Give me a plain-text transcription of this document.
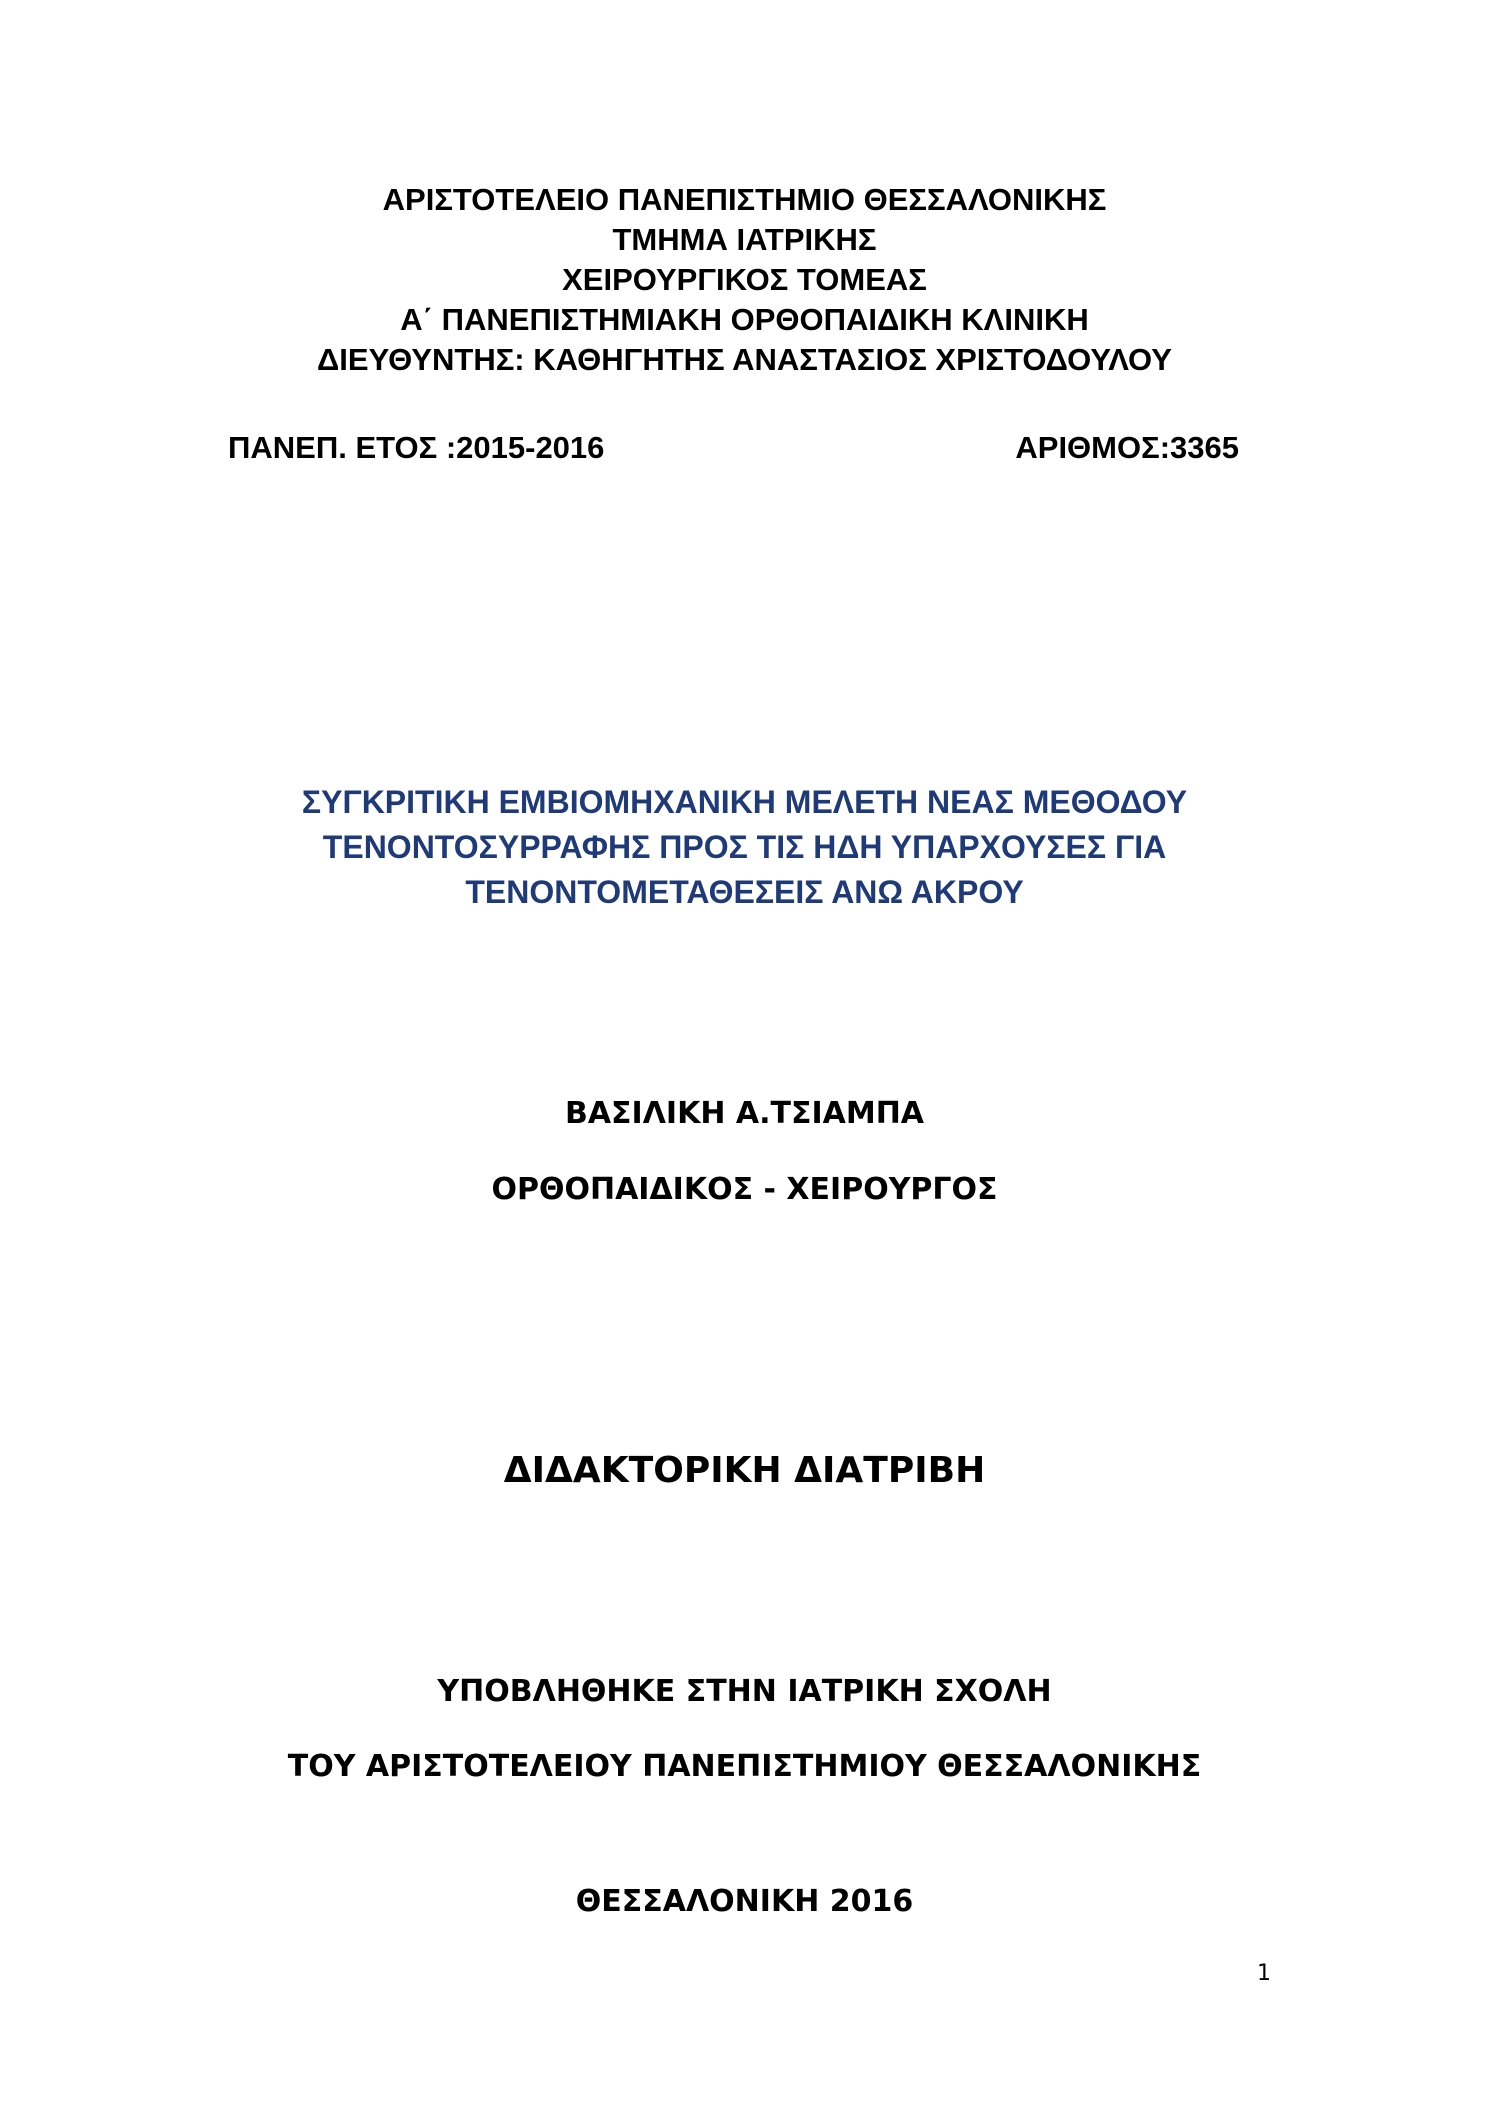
ΑΡΙΣΤΟΤΕΛΕΙΟ ΠΑΝΕΠΙΣΤΗΜΙΟ ΘΕΣΣΑΛΟΝΙΚΗΣ
ΤΜΗΜΑ ΙΑΤΡΙΚΗΣ
ΧΕΙΡΟΥΡΓΙΚΟΣ ΤΟΜΕΑΣ
Α΄ ΠΑΝΕΠΙΣΤΗΜΙΑΚΗ ΟΡΘΟΠΑΙΔΙΚΗ ΚΛΙΝΙΚΗ
ΔΙΕΥΘΥΝΤΗΣ: ΚΑΘΗΓΗΤΗΣ ΑΝΑΣΤΑΣΙΟΣ ΧΡΙΣΤΟΔΟΥΛΟΥ
ΠΑΝΕΠ. ΕΤΟΣ :2015-2016	ΑΡΙΘΜΟΣ:3365
ΣΥΓΚΡΙΤΙΚΗ ΕΜΒΙΟΜΗΧΑΝΙΚΗ ΜΕΛΕΤΗ ΝΕΑΣ ΜΕΘΟΔΟΥ
ΤΕΝΟΝΤΟΣΥΡΡΑΦΗΣ ΠΡΟΣ ΤΙΣ ΗΔΗ ΥΠΑΡΧΟΥΣΕΣ ΓΙΑ
ΤΕΝΟΝΤΟΜΕΤΑΘΕΣΕΙΣ ΑΝΩ ΑΚΡΟΥ
ΒΑΣΙΛΙΚΗ Α.ΤΣΙΑΜΠΑ
ΟΡΘΟΠΑΙΔΙΚΟΣ - ΧΕΙΡΟΥΡΓΟΣ
ΔΙΔΑΚΤΟΡΙΚΗ ΔΙΑΤΡΙΒΗ
ΥΠΟΒΛΗΘΗΚΕ ΣΤΗΝ ΙΑΤΡΙΚΗ ΣΧΟΛΗ
ΤΟΥ ΑΡΙΣΤΟΤΕΛΕΙΟΥ ΠΑΝΕΠΙΣΤΗΜΙΟΥ ΘΕΣΣΑΛΟΝΙΚΗΣ
ΘΕΣΣΑΛΟΝΙΚΗ 2016
1
